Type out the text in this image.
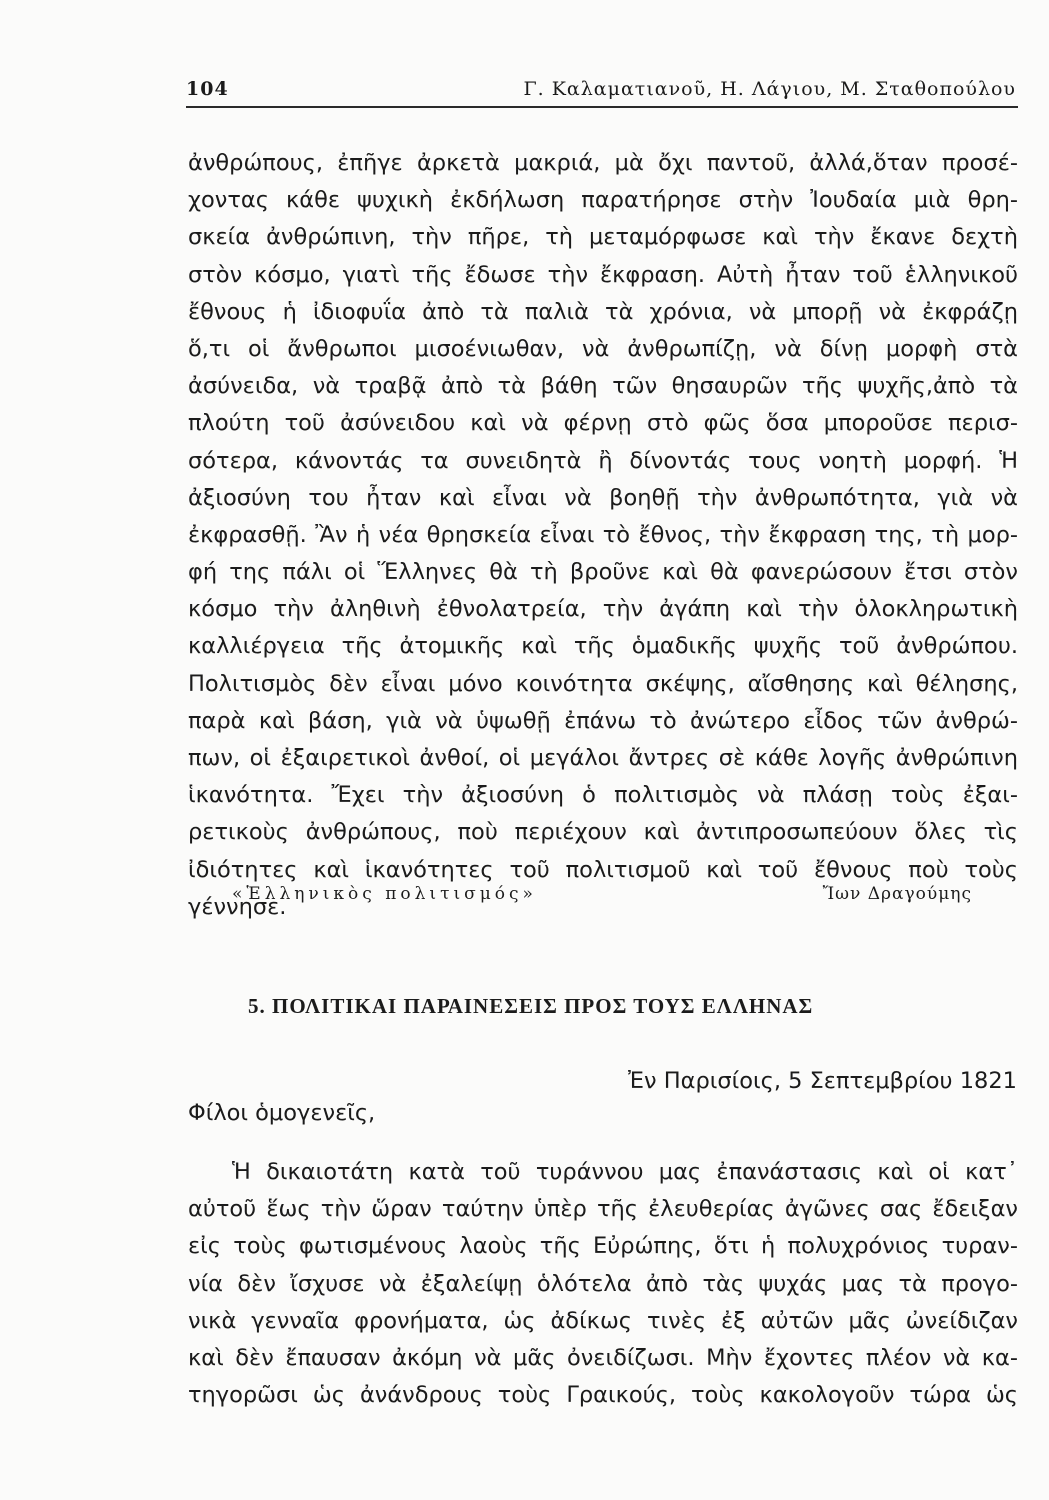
104	Γ. Καλαματιανοῦ, Η. Λάγιου, Μ. Σταθοπούλου
ἀνθρώπους, ἐπῆγε ἀρκετὰ μακριά, μὰ ὄχι παντοῦ, ἀλλά,ὅταν προσέ-
χοντας κάθε ψυχικὴ ἐκδήλωση παρατήρησε στὴν Ἰουδαία μιὰ θρη-
σκεία ἀνθρώπινη, τὴν πῆρε, τὴ μεταμόρφωσε καὶ τὴν ἔκανε δεχτὴ
στὸν κόσμο, γιατὶ τῆς ἔδωσε τὴν ἔκφραση. Αὐτὴ ἦταν τοῦ ἑλληνικοῦ
ἔθνους ἡ ἰδιοφυΐα ἀπὸ τὰ παλιὰ τὰ χρόνια, νὰ μπορῇ νὰ ἐκφράζῃ
ὅ,τι οἱ ἄνθρωποι μισοένιωθαν, νὰ ἀνθρωπίζῃ, νὰ δίνῃ μορφὴ στὰ
ἀσύνειδα, νὰ τραβᾷ ἀπὸ τὰ βάθη τῶν θησαυρῶν τῆς ψυχῆς,ἀπὸ τὰ
πλούτη τοῦ ἀσύνειδου καὶ νὰ φέρνῃ στὸ φῶς ὅσα μποροῦσε περισ-
σότερα, κάνοντάς τα συνειδητὰ ἢ δίνοντάς τους νοητὴ μορφή. Ἡ
ἀξιοσύνη του ἦταν καὶ εἶναι νὰ βοηθῇ τὴν ἀνθρωπότητα, γιὰ νὰ
ἐκφρασθῇ. Ἂν ἡ νέα θρησκεία εἶναι τὸ ἔθνος, τὴν ἔκφραση της, τὴ μορ-
φή της πάλι οἱ Ἕλληνες θὰ τὴ βροῦνε καὶ θὰ φανερώσουν ἔτσι στὸν
κόσμο τὴν ἀληθινὴ ἐθνολατρεία, τὴν ἀγάπη καὶ τὴν ὁλοκληρωτικὴ
καλλιέργεια τῆς ἀτομικῆς καὶ τῆς ὁμαδικῆς ψυχῆς τοῦ ἀνθρώπου.
Πολιτισμὸς δὲν εἶναι μόνο κοινότητα σκέψης, αἴσθησης καὶ θέλησης,
παρὰ καὶ βάση, γιὰ νὰ ὑψωθῇ ἐπάνω τὸ ἀνώτερο εἶδος τῶν ἀνθρώ-
πων, οἱ ἐξαιρετικοὶ ἀνθοί, οἱ μεγάλοι ἄντρες σὲ κάθε λογῆς ἀνθρώπινη
ἱκανότητα. Ἔχει τὴν ἀξιοσύνη ὁ πολιτισμὸς νὰ πλάσῃ τοὺς ἐξαι-
ρετικοὺς ἀνθρώπους, ποὺ περιέχουν καὶ ἀντιπροσωπεύουν ὅλες τὶς
ἰδιότητες καὶ ἱκανότητες τοῦ πολιτισμοῦ καὶ τοῦ ἔθνους ποὺ τοὺς
γέννησε.
«Ἑλληνικὸς πολιτισμός»	Ἴων Δραγούμης
5. ΠΟΛΙΤΙΚΑΙ ΠΑΡΑΙΝΕΣΕΙΣ ΠΡΟΣ ΤΟΥΣ ΕΛΛΗΝΑΣ
Ἐν Παρισίοις, 5 Σεπτεμβρίου 1821
Φίλοι ὁμογενεῖς,
Ἡ δικαιοτάτη κατὰ τοῦ τυράννου μας ἐπανάστασις καὶ οἱ κατ᾽
αὐτοῦ ἕως τὴν ὥραν ταύτην ὑπὲρ τῆς ἐλευθερίας ἀγῶνες σας ἔδειξαν
εἰς τοὺς φωτισμένους λαοὺς τῆς Εὐρώπης, ὅτι ἡ πολυχρόνιος τυραν-
νία δὲν ἴσχυσε νὰ ἐξαλείψῃ ὁλότελα ἀπὸ τὰς ψυχάς μας τὰ προγο-
νικὰ γενναῖα φρονήματα, ὡς ἀδίκως τινὲς ἐξ αὐτῶν μᾶς ὠνείδιζαν
καὶ δὲν ἔπαυσαν ἀκόμη νὰ μᾶς ὀνειδίζωσι. Μὴν ἔχοντες πλέον νὰ κα-
τηγορῶσι ὡς ἀνάνδρους τοὺς Γραικούς, τοὺς κακολογοῦν τώρα ὡς
